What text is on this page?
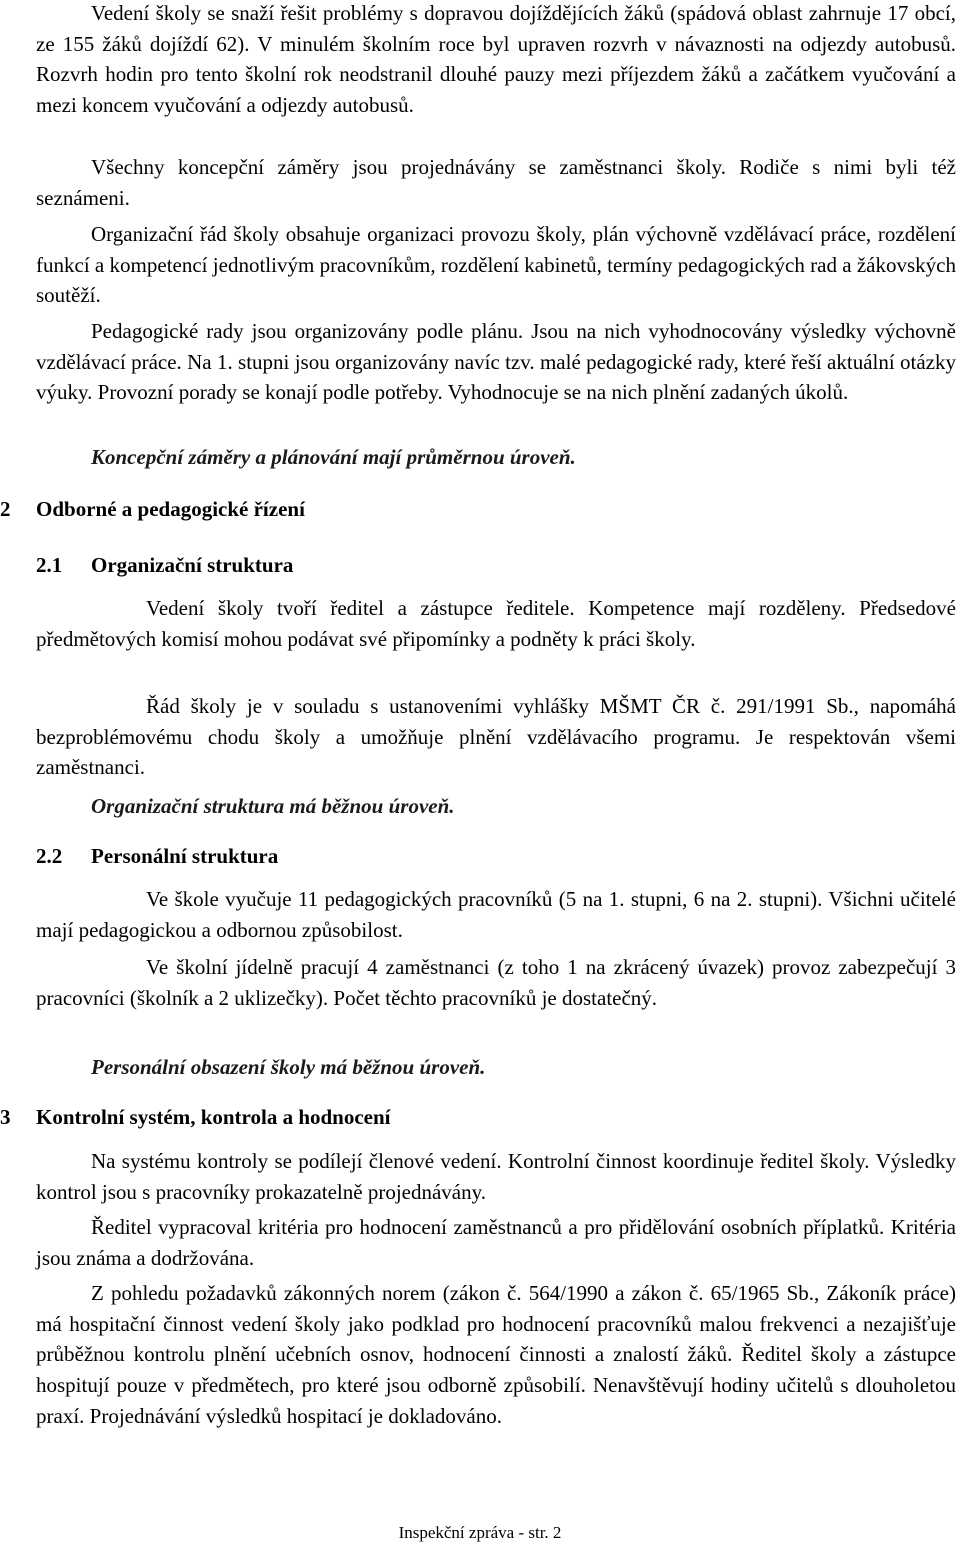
Vedení školy se snaží řešit problémy s dopravou dojíždějících žáků (spádová oblast zahrnuje 17 obcí, ze 155 žáků dojíždí 62). V minulém školním roce byl upraven rozvrh v návaznosti na odjezdy autobusů. Rozvrh hodin pro tento školní rok neodstranil dlouhé pauzy mezi příjezdem žáků a začátkem vyučování a mezi koncem vyučování a odjezdy autobusů.

Všechny koncepční záměry jsou projednávány se zaměstnanci školy. Rodiče s nimi byli též seznámeni.

Organizační řád školy obsahuje organizaci provozu školy, plán výchovně vzdělávací práce, rozdělení funkcí a kompetencí jednotlivým pracovníkům, rozdělení kabinetů, termíny pedagogických rad a žákovských soutěží.

Pedagogické rady jsou organizovány podle plánu. Jsou na nich vyhodnocovány výsledky výchovně vzdělávací práce. Na 1. stupni jsou organizovány navíc tzv. malé pedagogické rady, které řeší aktuální otázky výuky. Provozní porady se konají podle potřeby. Vyhodnocuje se na nich plnění zadaných úkolů.

Koncepční záměry a plánování mají průměrnou úroveň.

2 Odborné a pedagogické řízení

2.1 Organizační struktura

Vedení školy tvoří ředitel a zástupce ředitele. Kompetence mají rozděleny. Předsedové předmětových komisí mohou podávat své připomínky a podněty k práci školy.

Řád školy je v souladu s ustanoveními vyhlášky MŠMT ČR č. 291/1991 Sb., napomáhá bezproblémovému chodu školy a umožňuje plnění vzdělávacího programu. Je respektován všemi zaměstnanci.

Organizační struktura má běžnou úroveň.

2.2 Personální struktura

Ve škole vyučuje 11 pedagogických pracovníků (5 na 1. stupni, 6 na 2. stupni). Všichni učitelé mají pedagogickou a odbornou způsobilost.

Ve školní jídelně pracují 4 zaměstnanci (z toho 1 na zkrácený úvazek) provoz zabezpečují 3 pracovníci (školník a 2 uklizečky). Počet těchto pracovníků je dostatečný.

Personální obsazení školy má běžnou úroveň.

3 Kontrolní systém, kontrola a hodnocení

Na systému kontroly se podílejí členové vedení. Kontrolní činnost koordinuje ředitel školy. Výsledky kontrol jsou s pracovníky prokazatelně projednávány.

Ředitel vypracoval kritéria pro hodnocení zaměstnanců a pro přidělování osobních příplatků. Kritéria jsou známa a dodržována.

Z pohledu požadavků zákonných norem (zákon č. 564/1990 a zákon č. 65/1965 Sb., Zákoník práce) má hospitační činnost vedení školy jako podklad pro hodnocení pracovníků malou frekvenci a nezajišťuje průběžnou kontrolu plnění učebních osnov, hodnocení činnosti a znalostí žáků. Ředitel školy a zástupce hospitují pouze v předmětech, pro které jsou odborně způsobilí. Nenavštěvují hodiny učitelů s dlouholetou praxí. Projednávání výsledků hospitací je dokladováno.

Inspekční zpráva - str. 2
